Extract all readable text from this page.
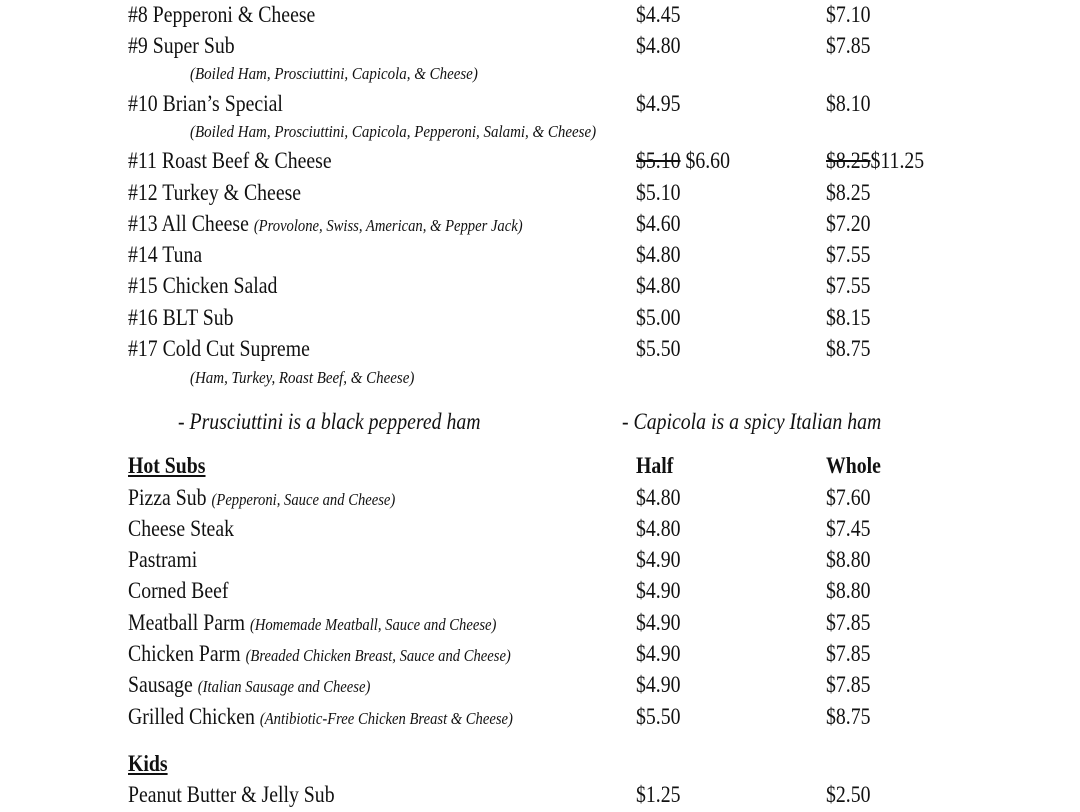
#8 Pepperoni & Cheese	$4.45	$7.10
#9 Super Sub	$4.80	$7.85
(Boiled Ham, Prosciuttini, Capicola, & Cheese)
#10 Brian’s Special	$4.95	$8.10
(Boiled Ham, Prosciuttini, Capicola, Pepperoni, Salami, & Cheese)
#11 Roast Beef & Cheese	$5.10 $6.60	$8.25$11.25
#12 Turkey & Cheese	$5.10	$8.25
#13 All Cheese (Provolone, Swiss, American, & Pepper Jack)	$4.60	$7.20
#14 Tuna	$4.80	$7.55
#15 Chicken Salad	$4.80	$7.55
#16 BLT Sub	$5.00	$8.15
#17 Cold Cut Supreme	$5.50	$8.75
(Ham, Turkey, Roast Beef, & Cheese)
- Prusciuttini is a black peppered ham	- Capicola is a spicy Italian ham
Hot Subs	Half	Whole
Pizza Sub (Pepperoni, Sauce and Cheese)	$4.80	$7.60
Cheese Steak	$4.80	$7.45
Pastrami	$4.90	$8.80
Corned Beef	$4.90	$8.80
Meatball Parm (Homemade Meatball, Sauce and Cheese)	$4.90	$7.85
Chicken Parm (Breaded Chicken Breast, Sauce and Cheese)	$4.90	$7.85
Sausage (Italian Sausage and Cheese)	$4.90	$7.85
Grilled Chicken (Antibiotic-Free Chicken Breast & Cheese)	$5.50	$8.75
Kids
Peanut Butter & Jelly Sub	$1.25	$2.50
